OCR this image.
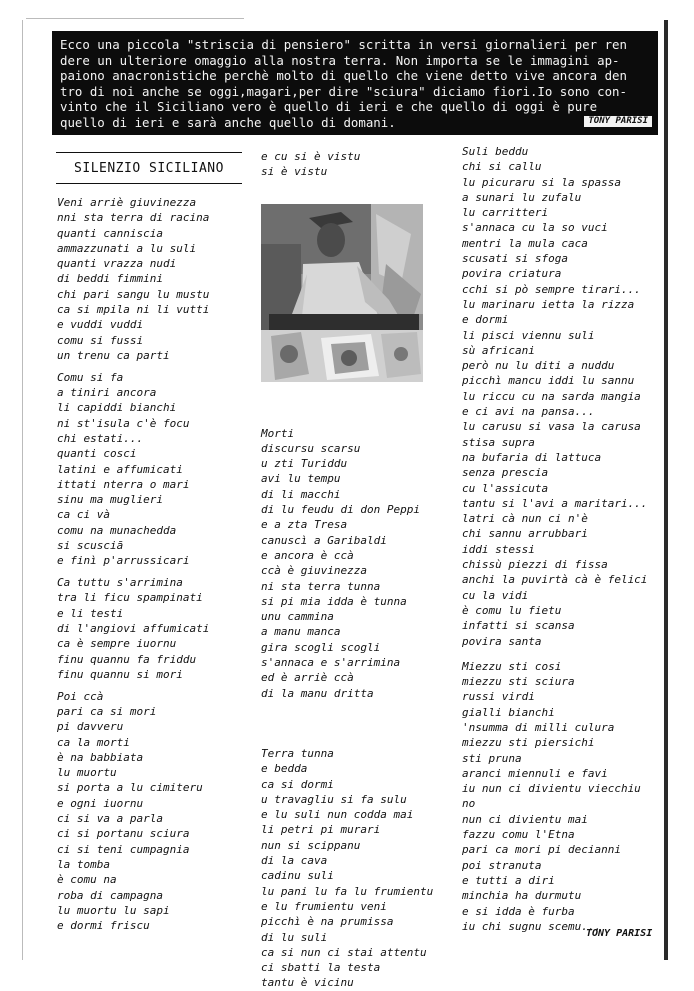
Ecco una piccola "striscia di pensiero" scritta in versi giornalieri per ren
dere un ulteriore omaggio alla nostra terra. Non importa se le immagini ap-
paiono anacronistiche perchè molto di quello che viene detto vive ancora den
tro di noi anche se oggi,magari,per dire "sciura" diciamo fiori.Io sono con-
vinto che il Siciliano vero è quello di ieri e che quello di oggi è pure
quello di ieri e sarà anche quello di domani.	TONY PARISI
SILENZIO SICILIANO
Veni arriè giuvinezza
nni sta terra di racina
quanti canniscia
ammazzunati a lu suli
quanti vrazza nudi
di beddi fimmini
chi pari sangu lu mustu
ca si mpila ni li vutti
e vuddi vuddi
comu si fussi
un trenu ca parti
Comu si fa
a tiniri ancora
li capiddi bianchi
ni st'isula c'è focu
chi estati...
quanti cosci
latini e affumicati
ittati nterra o mari
sinu ma muglieri
ca ci và
comu na munachedda
si scusciā
e finì p'arrussicari
Ca tuttu s'arrimina
tra li ficu spampinati
e li testi
di l'angiovi affumicati
ca è sempre iuornu
finu quannu fa friddu
finu quannu si mori
Poi ccà
pari ca si mori
pi davveru
ca la morti
è na babbiata
lu muortu
si porta a lu cimiteru
e ogni iuornu
ci si va a parla
ci si portanu sciura
ci si teni cumpagnia
la tomba
è comu na
roba di campagna
lu muortu lu sapi
e dormi friscu
e cu si è vistu
si è vistu
Morti
discursu scarsu
u zti Turiddu
avi lu tempu
di li macchi
di lu feudu di don Peppi
e a zta Tresa
canuscì a Garibaldi
e ancora è ccà
ccà è giuvinezza
ni sta terra tunna
si pi mia idda è tunna
unu cammina
a manu manca
gira scogli scogli
s'annaca e s'arrimina
ed è arriè ccà
di la manu dritta
Terra tunna
e bedda
ca si dormi
u travagliu si fa sulu
e lu suli nun codda mai
li petri pi murari
nun si scippanu
di la cava
cadinu suli
lu pani lu fa lu frumientu
e lu frumientu veni
picchì è na prumissa
di lu suli
ca si nun ci stai attentu
ci sbatti la testa
tantu è vicinu
Suli beddu
chi si callu
lu picuraru si la spassa
a sunari lu zufalu
lu carritteri
s'annaca cu la so vuci
mentri la mula caca
scusati si sfoga
povira criatura
cchi si pò sempre tirari...
lu marinaru ietta la rizza
e dormi
li pisci viennu suli
sù africani
però nu lu diti a nuddu
picchì mancu iddi lu sannu
lu riccu cu na sarda mangia
e ci avi na pansa...
lu carusu si vasa la carusa
stisa supra
na bufaria di lattuca
senza prescia
cu l'assicuta
tantu si l'avi a maritari...
latri cà nun ci n'è
chi sannu arrubbari
iddi stessi
chissù piezzi di fissa
anchi la puvirtà cà è felici
cu la vidi
è comu lu fietu
infatti si scansa
povira santa
Miezzu sti cosi
miezzu sti sciura
russi virdi
gialli bianchi
'nsumma di milli culura
miezzu sti piersichi
sti pruna
aranci miennuli e favi
iu nun ci divientu viecchiu
no
nun ci divientu mai
fazzu comu l'Etna
pari ca mori pi decianni
poi stranuta
e tutti a diri
minchia ha durmutu
e si idda è furba
iu chi sugnu scemu...
TONY PARISI
